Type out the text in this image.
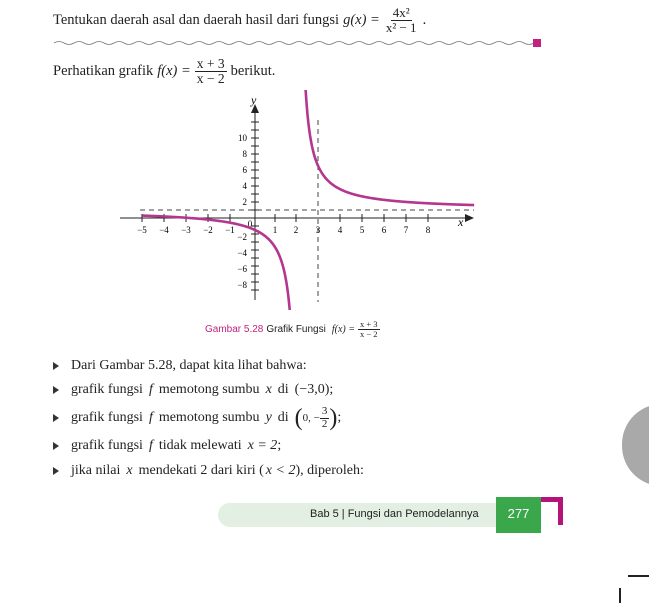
Tentukan daerah asal dan daerah hasil dari fungsi $g(x) = \frac{\text{4x²}}{\text{x² − 1}}$ .
Perhatikan grafik $f(x) = \frac{x + 3}{x - 2}$ berikut.
x
y
−5 −4 −3 −2 −1
0
1 2 3 4 5 6 7 8
2
4
6
8
10
−2
−4
−6
−8
Gambar 5.28 Grafik Fungsi $f(x) = \frac{x + 3}{x - 2}$
Dari Gambar 5.28, dapat kita lihat bahwa:
grafik fungsi f memotong sumbu x di (−3,0) ;
grafik fungsi f memotong sumbu y di ( 0, − $\frac{3}{2}$ ) ;
grafik fungsi f tidak melewati x = 2 ;
jika nilai x mendekati 2 dari kiri ( x < 2 ), diperoleh:
Bab 5 | Fungsi dan Pemodelannya	277
